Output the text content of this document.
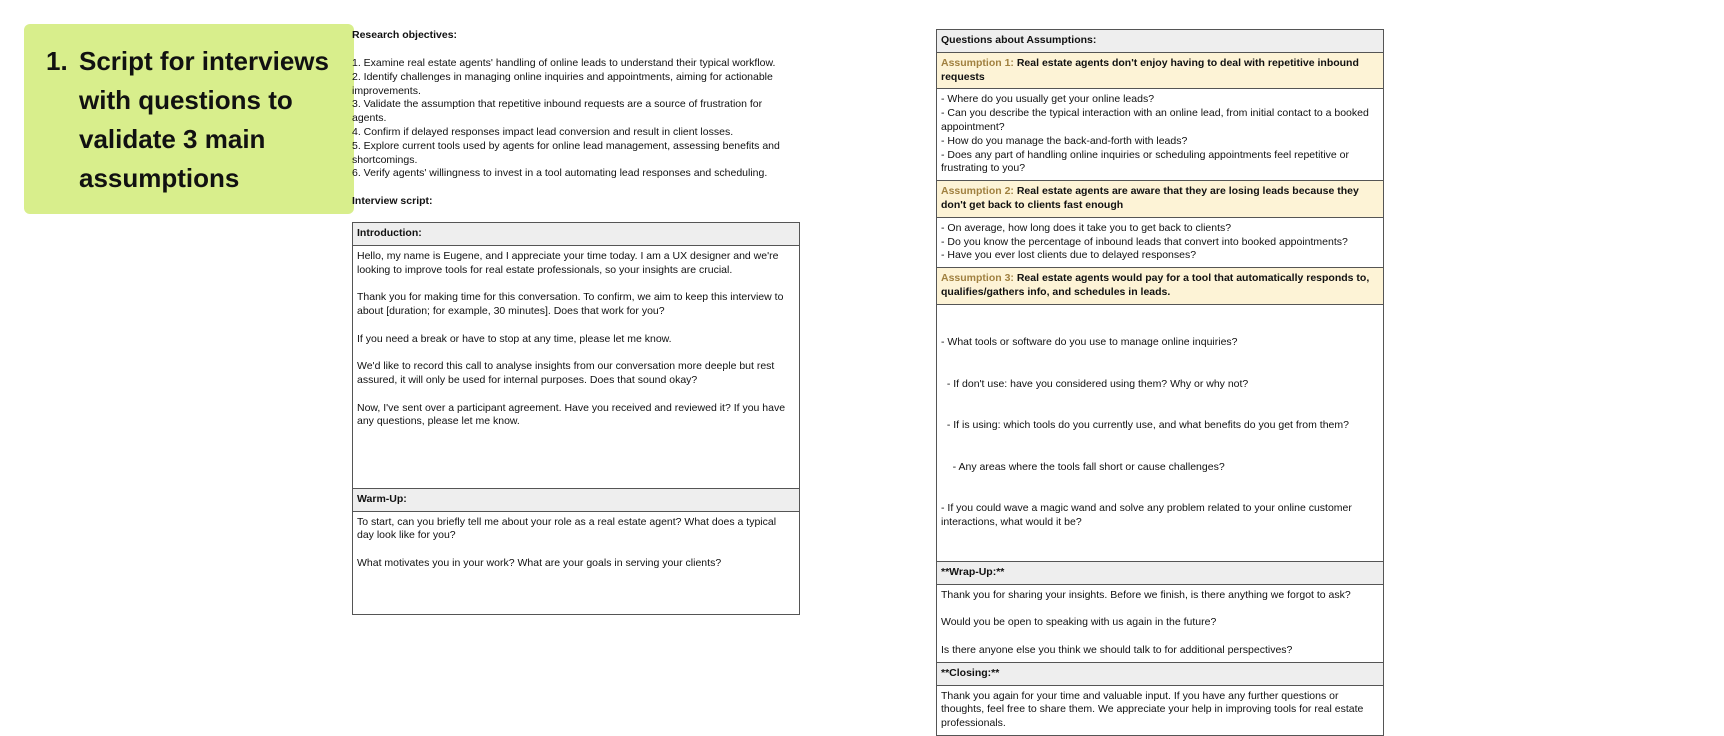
1. Script for interviews with questions to validate 3 main assumptions
Research objectives:
1. Examine real estate agents' handling of online leads to understand their typical workflow.
2. Identify challenges in managing online inquiries and appointments, aiming for actionable improvements.
3. Validate the assumption that repetitive inbound requests are a source of frustration for agents.
4. Confirm if delayed responses impact lead conversion and result in client losses.
5. Explore current tools used by agents for online lead management, assessing benefits and shortcomings.
6. Verify agents' willingness to invest in a tool automating lead responses and scheduling.
Interview script:
Introduction:

Hello, my name is Eugene, and I appreciate your time today. I am a UX designer and we're looking to improve tools for real estate professionals, so your insights are crucial.

Thank you for making time for this conversation. To confirm, we aim to keep this interview to about [duration; for example, 30 minutes]. Does that work for you?

If you need a break or have to stop at any time, please let me know.

We'd like to record this call to analyse insights from our conversation more deeple but rest assured, it will only be used for internal purposes. Does that sound okay?

Now, I've sent over a participant agreement. Have you received and reviewed it? If you have any questions, please let me know.

Warm-Up:

To start, can you briefly tell me about your role as a real estate agent? What does a typical day look like for you?

What motivates you in your work? What are your goals in serving your clients?

Questions about Assumptions:
Assumption 1: Real estate agents don't enjoy having to deal with repetitive inbound requests

- Where do you usually get your online leads?
- Can you describe the typical interaction with an online lead, from initial contact to a booked appointment?
- How do you manage the back-and-forth with leads?
- Does any part of handling online inquiries or scheduling appointments feel repetitive or frustrating to you?

Assumption 2: Real estate agents are aware that they are losing leads because they don't get back to clients fast enough

- On average, how long does it take you to get back to clients?
- Do you know the percentage of inbound leads that convert into booked appointments?
- Have you ever lost clients due to delayed responses?

Assumption 3: Real estate agents would pay for a tool that automatically responds to, qualifies/gathers info, and schedules in leads.

- What tools or software do you use to manage online inquiries?

- If don't use: have you considered using them? Why or why not?

- If is using: which tools do you currently use, and what benefits do you get from them?

- Any areas where the tools fall short or cause challenges?

- If you could wave a magic wand and solve any problem related to your online customer interactions, what would it be?

**Wrap-Up:**

Thank you for sharing your insights. Before we finish, is there anything we forgot to ask?

Would you be open to speaking with us again in the future?

Is there anyone else you think we should talk to for additional perspectives?

**Closing:**
Thank you again for your time and valuable input. If you have any further questions or thoughts, feel free to share them. We appreciate your help in improving tools for real estate professionals.
